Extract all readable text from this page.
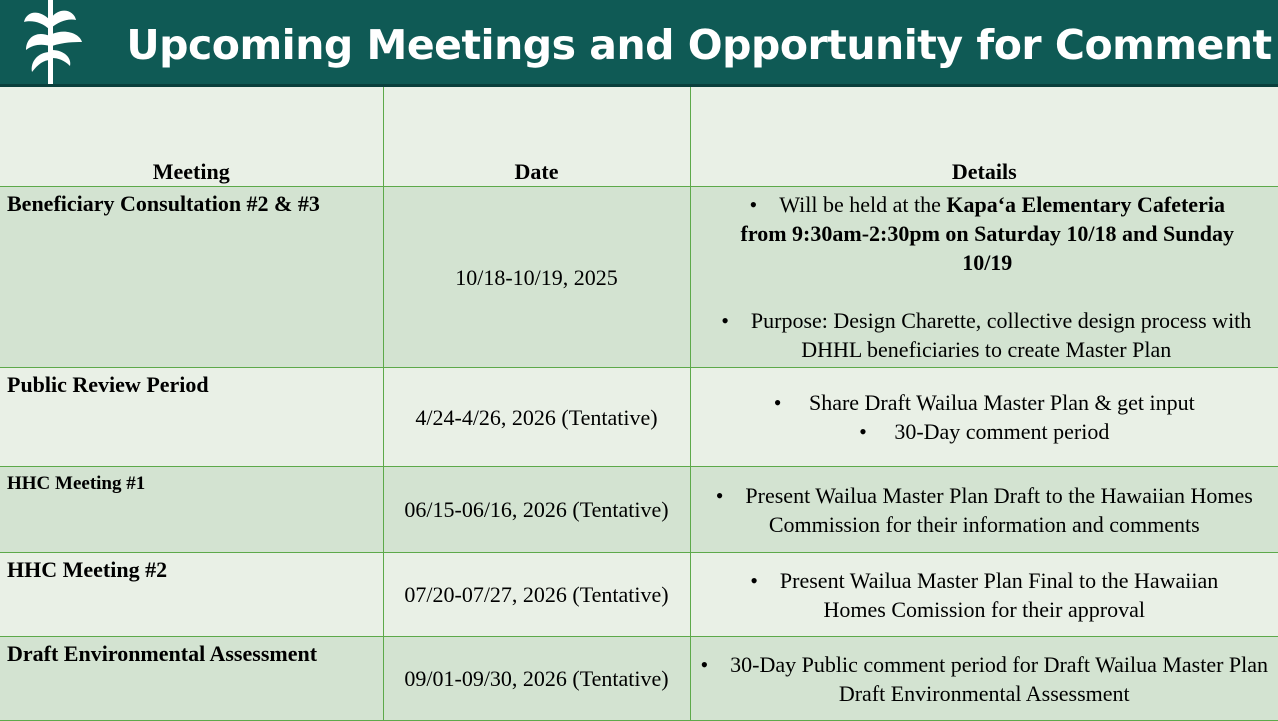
Upcoming Meetings and Opportunity for Comment
Meeting	Date	Details
Beneficiary Consultation #2 & #3	10/18-10/19, 2025	•    Will be held at the Kapa‘a Elementary Cafeteria from 9:30am-2:30pm on Saturday 10/18 and Sunday 10/19
•    Purpose: Design Charette, collective design process with DHHL beneficiaries to create Master Plan

Public Review Period	4/24-4/26, 2026 (Tentative)	•     Share Draft Wailua Master Plan & get input
•     30-Day comment period

HHC Meeting #1	06/15-06/16, 2026 (Tentative)	•    Present Wailua Master Plan Draft to the Hawaiian Homes Commission for their information and comments

HHC Meeting #2	07/20-07/27, 2026 (Tentative)	•    Present Wailua Master Plan Final to the Hawaiian Homes Comission for their approval

Draft Environmental Assessment	09/01-09/30, 2026 (Tentative)	•    30-Day Public comment period for Draft Wailua Master Plan Draft Environmental Assessment
